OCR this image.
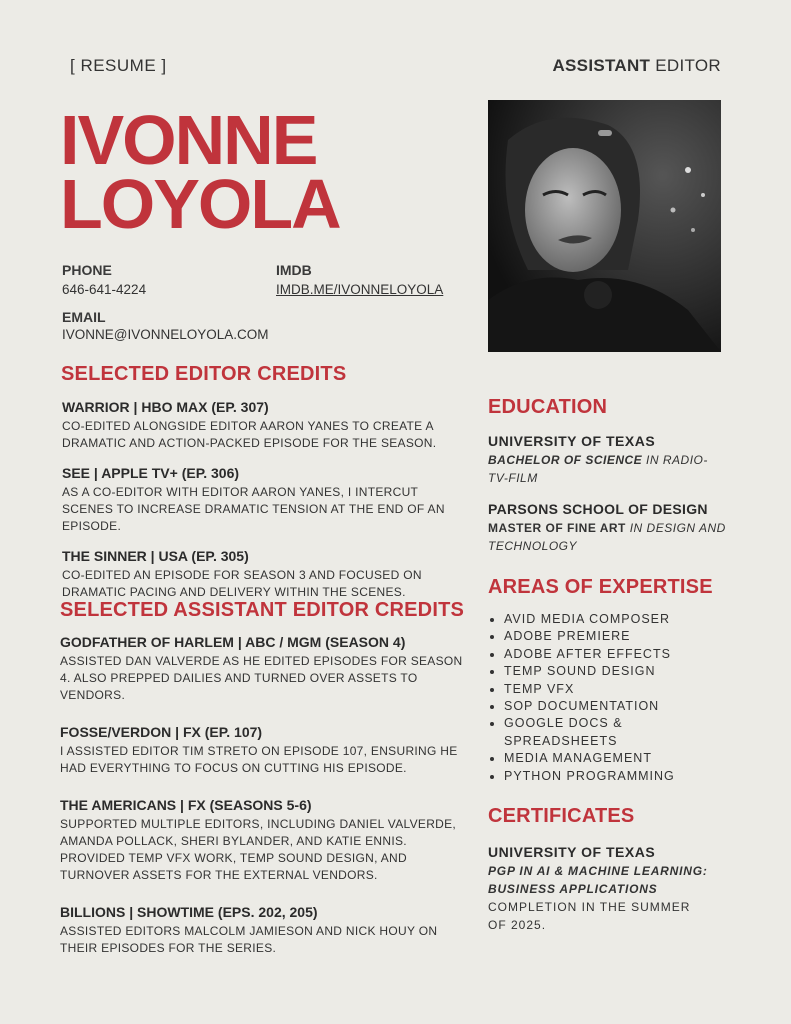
[ RESUME ]	ASSISTANT EDITOR
IVONNE
LOYOLA
PHONE
646-641-4224
IMDB
IMDB.ME/IVONNELOYOLA
EMAIL
IVONNE@IVONNELOYOLA.COM
SELECTED EDITOR CREDITS
WARRIOR | HBO MAX (EP. 307)
CO-EDITED ALONGSIDE EDITOR AARON YANES TO CREATE A DRAMATIC AND ACTION-PACKED EPISODE FOR THE SEASON.
SEE | APPLE TV+ (EP. 306)
AS A CO-EDITOR WITH EDITOR AARON YANES, I INTERCUT SCENES TO INCREASE DRAMATIC TENSION AT THE END OF AN EPISODE.
THE SINNER | USA (EP. 305)
CO-EDITED AN EPISODE FOR SEASON 3 AND FOCUSED ON DRAMATIC PACING AND DELIVERY WITHIN THE SCENES.
SELECTED ASSISTANT EDITOR CREDITS
GODFATHER OF HARLEM | ABC / MGM (SEASON 4)
ASSISTED DAN VALVERDE AS HE EDITED EPISODES FOR SEASON 4. ALSO PREPPED DAILIES AND TURNED OVER ASSETS TO VENDORS.
FOSSE/VERDON | FX (EP. 107)
I ASSISTED EDITOR TIM STRETO ON EPISODE 107, ENSURING HE HAD EVERYTHING TO FOCUS ON CUTTING HIS EPISODE.
THE AMERICANS | FX (SEASONS 5-6)
SUPPORTED MULTIPLE EDITORS, INCLUDING DANIEL VALVERDE, AMANDA POLLACK, SHERI BYLANDER, AND KATIE ENNIS. PROVIDED TEMP VFX WORK, TEMP SOUND DESIGN, AND TURNOVER ASSETS FOR THE EXTERNAL VENDORS.
BILLIONS | SHOWTIME (EPS. 202, 205)
ASSISTED EDITORS MALCOLM JAMIESON AND NICK HOUY ON THEIR EPISODES FOR THE SERIES.
EDUCATION
UNIVERSITY OF TEXAS
BACHELOR OF SCIENCE IN RADIO-TV-FILM
PARSONS SCHOOL OF DESIGN
MASTER OF FINE ART IN DESIGN AND TECHNOLOGY
AREAS OF EXPERTISE
• AVID MEDIA COMPOSER
• ADOBE PREMIERE
• ADOBE AFTER EFFECTS
• TEMP SOUND DESIGN
• TEMP VFX
• SOP DOCUMENTATION
• GOOGLE DOCS & SPREADSHEETS
• MEDIA MANAGEMENT
• PYTHON PROGRAMMING
CERTIFICATES
UNIVERSITY OF TEXAS
PGP IN AI & MACHINE LEARNING: BUSINESS APPLICATIONS
COMPLETION IN THE SUMMER OF 2025.
